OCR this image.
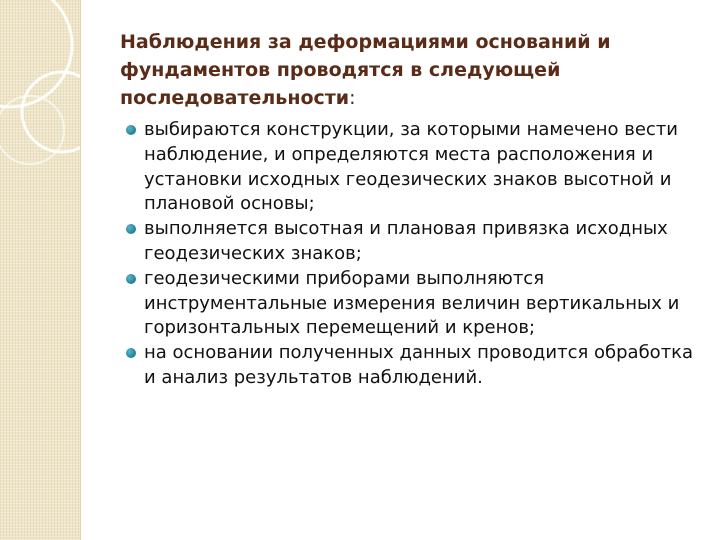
Наблюдения за деформациями оснований и фундаментов проводятся в следующей последовательности:
выбираются конструкции, за которыми намечено вести наблюдение, и определяются места расположения и установки исходных геодезических знаков высотной и плановой основы;
выполняется высотная и плановая привязка исходных геодезических знаков;
геодезическими приборами выполняются инструментальные измерения величин вертикальных и горизонтальных перемещений и кренов;
на основании полученных данных проводится обработка и анализ результатов наблюдений.
